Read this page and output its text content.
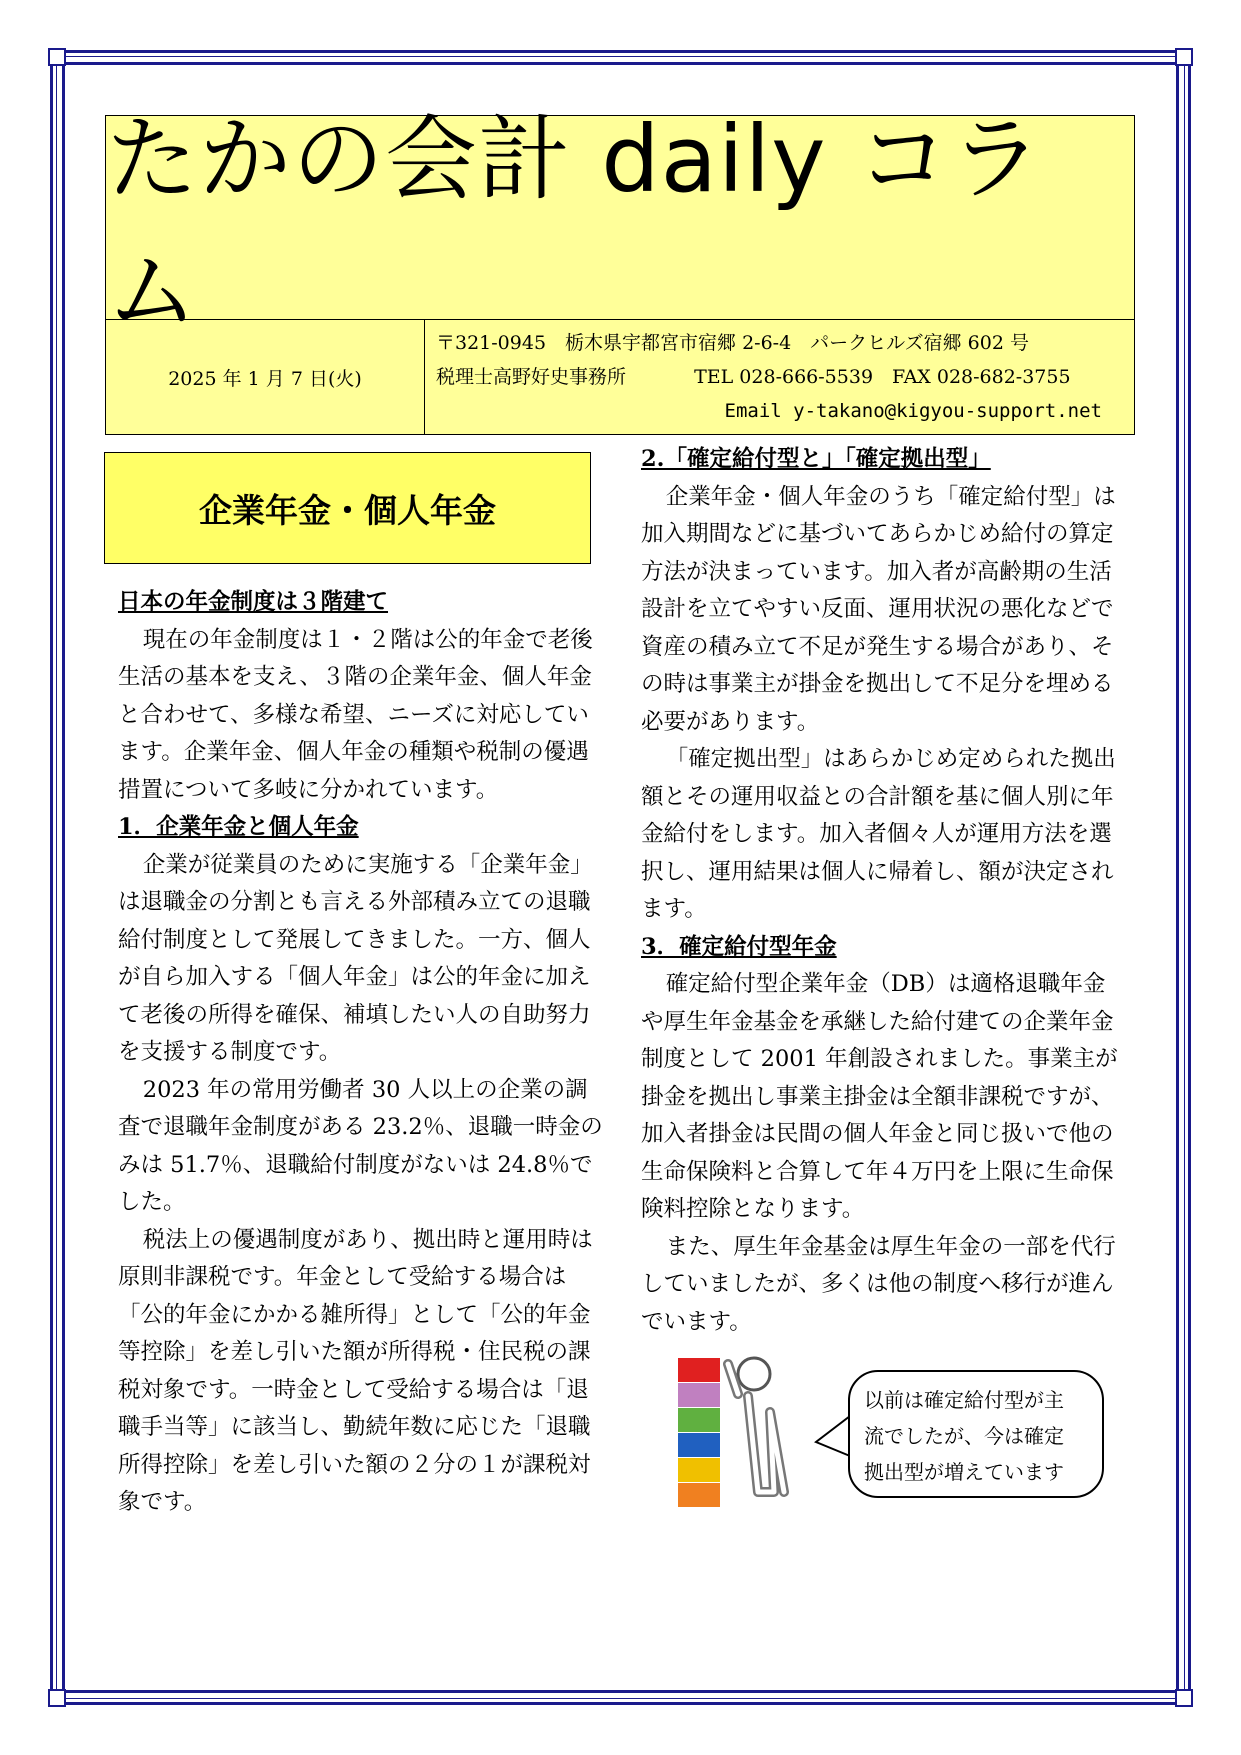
たかの会計 daily コラム
2025 年 1 月 7 日(火)
〒321-0945　栃木県宇都宮市宿郷 2-6-4　パークヒルズ宿郷 602 号
税理士高野好史事務所	TEL 028-666-5539　FAX 028-682-3755
Email y-takano@kigyou-support.net
企業年金・個人年金

日本の年金制度は３階建て

現在の年金制度は１・２階は公的年金で老後生活の基本を支え、３階の企業年金、個人年金と合わせて、多様な希望、ニーズに対応しています。企業年金、個人年金の種類や税制の優遇措置について多岐に分かれています。

1．企業年金と個人年金

企業が従業員のために実施する「企業年金」は退職金の分割とも言える外部積み立ての退職給付制度として発展してきました。一方、個人が自ら加入する「個人年金」は公的年金に加えて老後の所得を確保、補填したい人の自助努力を支援する制度です。

2023 年の常用労働者 30 人以上の企業の調査で退職年金制度がある 23.2％、退職一時金のみは 51.7％、退職給付制度がないは 24.8％でした。

税法上の優遇制度があり、拠出時と運用時は原則非課税です。年金として受給する場合は「公的年金にかかる雑所得」として「公的年金等控除」を差し引いた額が所得税・住民税の課税対象です。一時金として受給する場合は「退職手当等」に該当し、勤続年数に応じた「退職所得控除」を差し引いた額の２分の１が課税対象です。

2.「確定給付型と」「確定拠出型」

企業年金・個人年金のうち「確定給付型」は加入期間などに基づいてあらかじめ給付の算定方法が決まっています。加入者が高齢期の生活設計を立てやすい反面、運用状況の悪化などで資産の積み立て不足が発生する場合があり、その時は事業主が掛金を拠出して不足分を埋める必要があります。

「確定拠出型」はあらかじめ定められた拠出額とその運用収益との合計額を基に個人別に年金給付をします。加入者個々人が運用方法を選択し、運用結果は個人に帰着し、額が決定されます。

3．確定給付型年金

確定給付型企業年金（DB）は適格退職年金や厚生年金基金を承継した給付建ての企業年金制度として 2001 年創設されました。事業主が掛金を拠出し事業主掛金は全額非課税ですが、加入者掛金は民間の個人年金と同じ扱いで他の生命保険料と合算して年４万円を上限に生命保険料控除となります。

また、厚生年金基金は厚生年金の一部を代行していましたが、多くは他の制度へ移行が進んでいます。

以前は確定給付型が主
流でしたが、今は確定
拠出型が増えています
